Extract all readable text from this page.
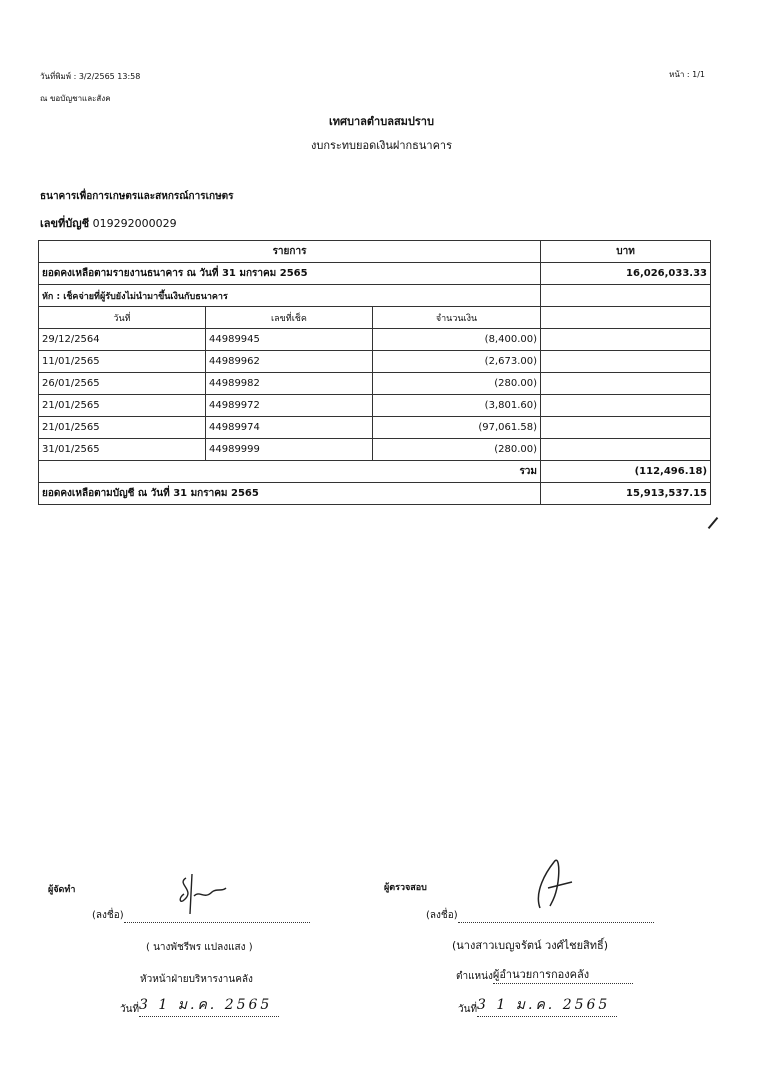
วันที่พิมพ์ : 3/2/2565 13:58	หน้า : 1/1
ณ ขอบัญชาและสังค
เทศบาลตำบลสมปราบ
งบกระทบยอดเงินฝากธนาคาร
ธนาคารเพื่อการเกษตรและสหกรณ์การเกษตร
เลขที่บัญชี 019292000029
รายการ			บาท
ยอดคงเหลือตามรายงานธนาคาร ณ วันที่ 31 มกราคม 2565			16,026,033.33
หัก : เช็คจ่ายที่ผู้รับยังไม่นำมาขึ้นเงินกับธนาคาร			
วันที่	เลขที่เช็ค	จำนวนเงิน	
29/12/2564	44989945	(8,400.00)	
11/01/2565	44989962	(2,673.00)	
26/01/2565	44989982	(280.00)	
21/01/2565	44989972	(3,801.60)	
21/01/2565	44989974	(97,061.58)	
31/01/2565	44989999	(280.00)	
รวม			(112,496.18)
ยอดคงเหลือตามบัญชี ณ วันที่ 31 มกราคม 2565			15,913,537.15
ผู้จัดทำ
(ลงชื่อ)
( นางพัชรีพร แปลงแสง )
หัวหน้าฝ่ายบริหารงานคลัง
วันที่3 1 ม.ค. 2565
ผู้ตรวจสอบ
(ลงชื่อ)
(นางสาวเบญจรัตน์ วงศ์ไชยสิทธิ์)
ตำแหน่งผู้อำนวยการกองคลัง
วันที่3 1 ม.ค. 2565
